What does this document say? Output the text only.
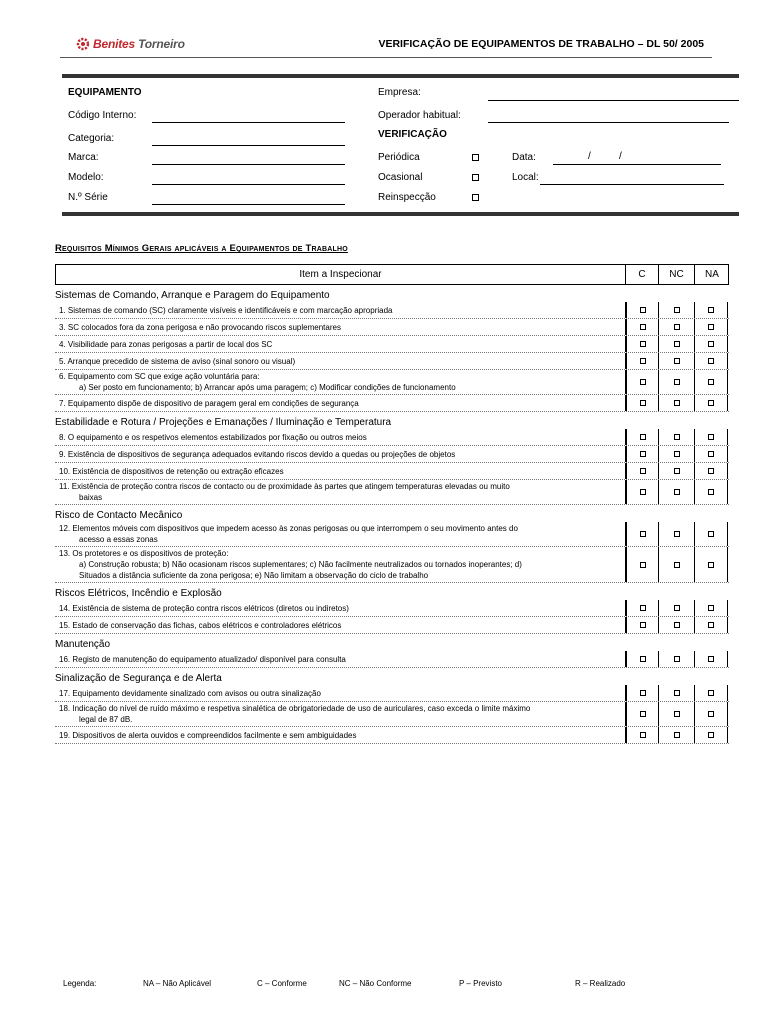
Benites Torneiro	VERIFICAÇÃO DE EQUIPAMENTOS DE TRABALHO – DL 50/ 2005
EQUIPAMENTO
Código Interno:
Categoria:
Marca:
Modelo:
N.º Série
Empresa:
Operador habitual:
VERIFICAÇÃO
Periódica
Ocasional
Reinspecção
Data:	/	/
Local:
Requisitos Mínimos Gerais aplicáveis a Equipamentos de Trabalho
Item a Inspecionar	C	NC	NA
Sistemas de Comando, Arranque e Paragem do Equipamento
1. Sistemas de comando (SC) claramente visíveis e identificáveis e com marcação apropriada
3. SC colocados fora da zona perigosa e não provocando riscos suplementares
4. Visibilidade para zonas perigosas a partir de local dos SC
5. Arranque precedido de sistema de aviso (sinal sonoro ou visual)
6. Equipamento com SC que exige ação voluntária para:
a) Ser posto em funcionamento; b) Arrancar após uma paragem; c) Modificar condições de funcionamento
7. Equipamento dispõe de dispositivo de paragem geral em condições de segurança
Estabilidade e Rotura / Projeções e Emanações / Iluminação e Temperatura
8. O equipamento e os respetivos elementos estabilizados por fixação ou outros meios
9. Existência de dispositivos de segurança adequados evitando riscos devido a quedas ou projeções de objetos
10. Existência de dispositivos de retenção ou extração eficazes
11. Existência de proteção contra riscos de contacto ou de proximidade às partes que atingem temperaturas elevadas ou muito
baixas
Risco de Contacto Mecânico
12. Elementos móveis com dispositivos que impedem acesso às zonas perigosas ou que interrompem o seu movimento antes do
acesso a essas zonas
13. Os protetores e os dispositivos de proteção:
a) Construção robusta; b) Não ocasionam riscos suplementares; c) Não facilmente neutralizados ou tornados inoperantes; d)
Situados a distância suficiente da zona perigosa; e) Não limitam a observação do ciclo de trabalho
Riscos Elétricos, Incêndio e Explosão
14. Existência de sistema de proteção contra riscos elétricos (diretos ou indiretos)
15. Estado de conservação das fichas, cabos elétricos e controladores elétricos
Manutenção
16. Registo de manutenção do equipamento atualizado/ disponível para consulta
Sinalização de Segurança e de Alerta
17. Equipamento devidamente sinalizado com avisos ou outra sinalização
18. Indicação do nível de ruído máximo e respetiva sinalética de obrigatoriedade de uso de auriculares, caso exceda o limite máximo
legal de 87 dB.
19. Dispositivos de alerta ouvidos e compreendidos facilmente e sem ambiguidades
Legenda:	NA – Não Aplicável	C – Conforme	NC – Não Conforme	P – Previsto	R – Realizado
